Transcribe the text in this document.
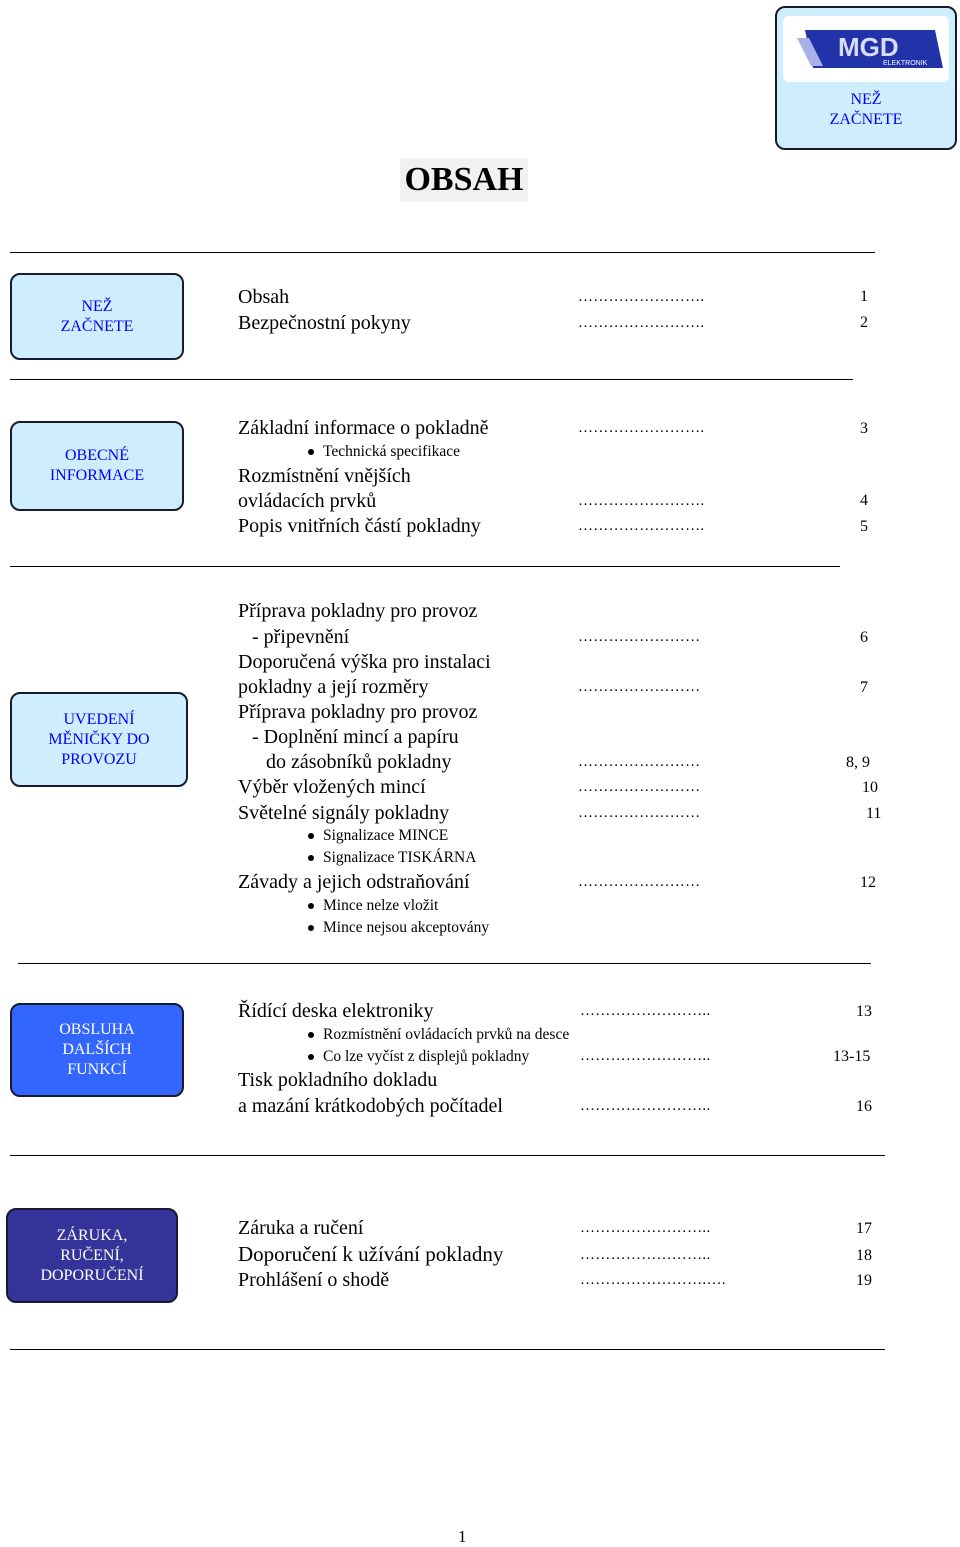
NEŽ
ZAČNETE
MGD
ELEKTRONIK
OBSAH
NEŽ
ZAČNETE
OBECNÉ
INFORMACE
UVEDENÍ
MĚNIČKY DO
PROVOZU
OBSLUHA
DALŠÍCH
FUNKCÍ
ZÁRUKA,
RUČENÍ,
DOPORUČENÍ
Obsah	…………………….	1
Bezpečnostní pokyny	…………………….	2
Základní informace o pokladně	…………………….	3
Technická specifikace
Rozmístnění vnějších
ovládacích prvků	…………………….	4
Popis vnitřních částí pokladny	…………………….	5
Příprava pokladny pro provoz
- připevnění	……………………	6
Doporučená výška pro instalaci
pokladny a její rozměry	……………………	7
Příprava pokladny pro provoz
- Doplnění mincí a papíru
do zásobníků pokladny	……………………	8, 9
Výběr vložených mincí	……………………	10
Světelné signály pokladny	……………………	11
Signalizace MINCE
Signalizace TISKÁRNA
Závady a jejich odstraňování	……………………	12
Mince nelze vložit
Mince nejsou akceptovány
Řídící deska elektroniky	……………………..	13
Rozmístnění ovládacích prvků na desce
Co lze vyčíst z displejů pokladny	……………………..	13-15
Tisk pokladního dokladu
a mazání krátkodobých počítadel	……………………..	16
Záruka a ručení	……………………..	17
Doporučení k užívání pokladny	……………………..	18
Prohlášení o shodě	…………………….….	19
1
